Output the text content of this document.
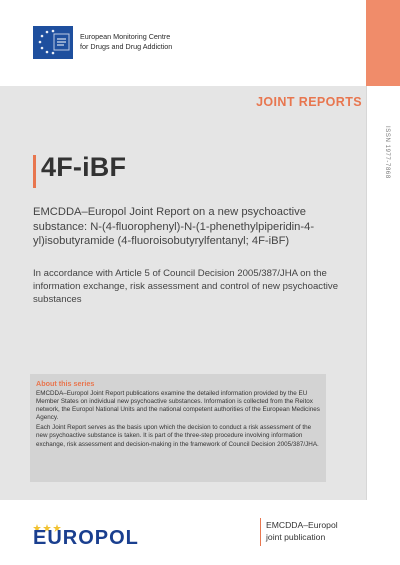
European Monitoring Centre
for Drugs and Drug Addiction
JOINT REPORTS
ISSN 1977-7868
4F-iBF
EMCDDA–Europol Joint Report on a new psychoactive substance: N-(4-fluorophenyl)-N-(1-phenethylpiperidin-4-yl)isobutyramide (4-fluoroisobutyrylfentanyl; 4F-iBF)
In accordance with Article 5 of Council Decision 2005/387/JHA on the information exchange, risk assessment and control of new psychoactive substances
About this series

EMCDDA–Europol Joint Report publications examine the detailed information provided by the EU Member States on individual new psychoactive substances. Information is collected from the Reitox network, the Europol National Units and the national competent authorities of the European Medicines Agency.

Each Joint Report serves as the basis upon which the decision to conduct a risk assessment of the new psychoactive substance is taken. It is part of the three-step procedure involving information exchange, risk assessment and decision-making in the framework of Council Decision 2005/387/JHA.

EUROPOL
EMCDDA–Europol
joint publication
